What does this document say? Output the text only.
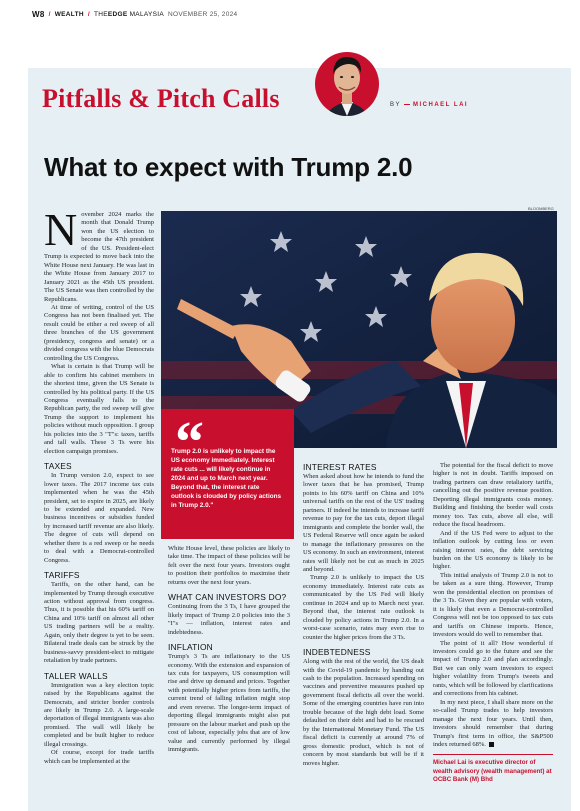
W8 / WEALTH / THEEDGE MALAYSIA NOVEMBER 25, 2024
Pitfalls & Pitch Calls	BY MICHAEL LAI
What to expect with Trump 2.0
BLOOMBERG
“
Trump 2.0 is unlikely to impact the US economy immediately. Interest rate cuts ... will likely continue in 2024 and up to March next year. Beyond that, the interest rate outlook is clouded by policy actions in Trump 2.0."
N ovember 2024 marks the month that Donald Trump won the US election to become the 47th president of the US. President-elect Trump is expected to move back into the White House next January. He was last in the White House from January 2017 to January 2021 as the 45th US president. The US Senate was then controlled by the Republicans.

At time of writing, control of the US Congress has not been finalised yet. The result could be either a red sweep of all three branches of the US government (presidency, congress and senate) or a divided congress with the blue Democrats controlling the US Congress.

What is certain is that Trump will be able to confirm his cabinet members in the shortest time, given the US Senate is controlled by his political party. If the US Congress eventually falls to the Republican party, the red sweep will give Trump the support to implement his policies without much opposition. I group his policies into the 3 "T"s: taxes, tariffs and tall walls. These 3 Ts were his election campaign promises.

TAXES

In Trump version 2.0, expect to see lower taxes. The 2017 income tax cuts implemented when he was the 45th president, set to expire in 2025, are likely to be extended and expanded. New business incentives or subsidies funded by increased tariff revenue are also likely. The degree of cuts will depend on whether there is a red sweep or he needs to deal with a Democrat-controlled Congress.

TARIFFS

Tariffs, on the other hand, can be implemented by Trump through executive action without approval from congress. Thus, it is possible that his 60% tariff on China and 10% tariff on almost all other US trading partners will be a reality. Again, only their degree is yet to be seen. Bilateral trade deals can be struck by the business-savvy president-elect to mitigate retaliation by trade partners.

TALLER WALLS

Immigration was a key election topic raised by the Republicans against the Democrats, and stricter border controls are likely in Trump 2.0. A large-scale deportation of illegal immigrants was also promised. The wall will likely be completed and be built higher to reduce illegal crossings.

Of course, except for trade tariffs which can be implemented at the

White House level, these policies are likely to take time. The impact of these policies will be felt over the next four years. Investors ought to position their portfolios to maximise their returns over the next four years.

WHAT CAN INVESTORS DO?

Continuing from the 3 Ts, I have grouped the likely impact of Trump 2.0 policies into the 3 "I"s — inflation, interest rates and indebtedness.

INFLATION

Trump's 3 Ts are inflationary to the US economy. With the extension and expansion of tax cuts for taxpayers, US consumption will rise and drive up demand and prices. Together with potentially higher prices from tariffs, the current trend of falling inflation might stop and even reverse. The longer-term impact of deporting illegal immigrants might also put pressure on the labour market and push up the cost of labour, especially jobs that are of low value and currently performed by illegal immigrants.

INTEREST RATES

When asked about how he intends to fund the lower taxes that he has promised, Trump points to his 60% tariff on China and 10% universal tariffs on the rest of the US' trading partners. If indeed he intends to increase tariff revenue to pay for the tax cuts, deport illegal immigrants and complete the border wall, the US Federal Reserve will once again be asked to manage the inflationary pressures on the US economy. In such an environment, interest rates will likely not be cut as much in 2025 and beyond.

Trump 2.0 is unlikely to impact the US economy immediately. Interest rate cuts as communicated by the US Fed will likely continue in 2024 and up to March next year. Beyond that, the interest rate outlook is clouded by policy actions in Trump 2.0. In a worst-case scenario, rates may even rise to counter the higher prices from the 3 Ts.

INDEBTEDNESS

Along with the rest of the world, the US dealt with the Covid-19 pandemic by handing out cash to the population. Increased spending on vaccines and preventive measures pushed up government fiscal deficits all over the world. Some of the emerging countries have run into trouble because of the high debt load. Some defaulted on their debt and had to be rescued by the International Monetary Fund. The US fiscal deficit is currently at around 7% of gross domestic product, which is not of concern by most standards but will be if it moves higher.

The potential for the fiscal deficit to move higher is not in doubt. Tariffs imposed on trading partners can draw retaliatory tariffs, cancelling out the positive revenue position. Deporting illegal immigrants costs money. Building and finishing the border wall costs money too. Tax cuts, above all else, will reduce the fiscal headroom.

And if the US Fed were to adjust to the inflation outlook by cutting less or even raising interest rates, the debt servicing burden on the US economy is likely to be higher.

This initial analysis of Trump 2.0 is not to be taken as a sure thing. However, Trump won the presidential election on promises of the 3 Ts. Given they are popular with voters, it is likely that even a Democrat-controlled Congress will not be too opposed to tax cuts and tariffs on Chinese imports. Hence, investors would do well to remember that.

The point of it all? How wonderful if investors could go to the future and see the impact of Trump 2.0 and plan accordingly. But we can only warn investors to expect higher volatility from Trump's tweets and rants, which will be followed by clarifications and corrections from his cabinet.

In my next piece, I shall share more on the so-called Trump trades to help investors manage the next four years. Until then, investors should remember that during Trump's first term in office, the S&P500 index returned 68%.

Michael Lai is executive director of wealth advisory (wealth management) at OCBC Bank (M) Bhd
